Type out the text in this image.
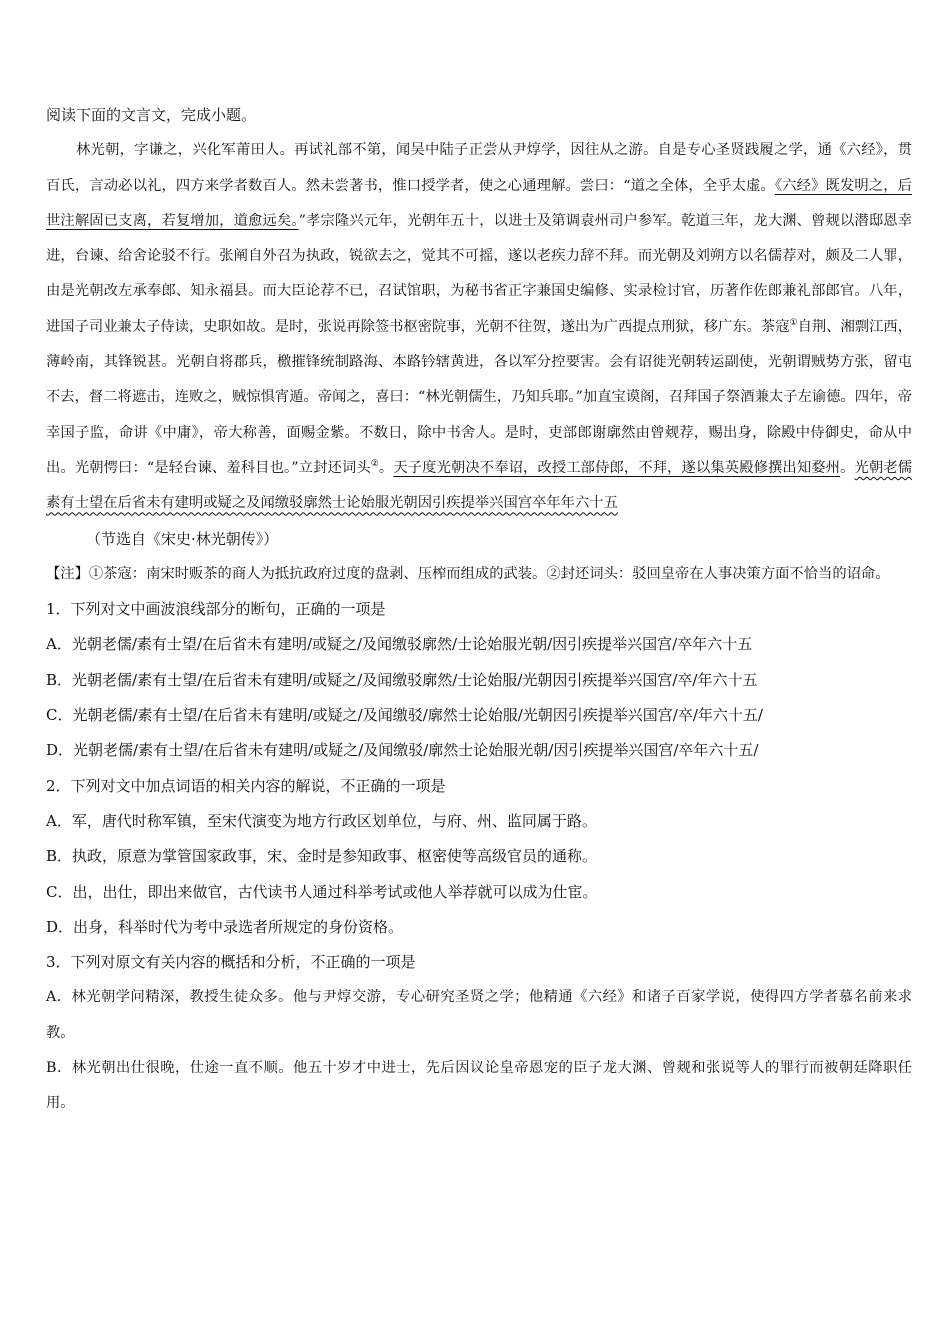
阅读下面的文言文，完成小题。
林光朝，字谦之，兴化军莆田人。再试礼部不第，闻吴中陆子正尝从尹焞学，因往从之游。自是专心圣贤践履之学，通《六经》，贯百氏，言动必以礼，四方来学者数百人。然未尝著书，惟口授学者，使之心通理解。尝曰：“道之全体，全乎太虚。《六经》既发明之，后世注解固已支离，若复增加，道愈远矣。”孝宗隆兴元年，光朝年五十，以进士及第调袁州司户参军。乾道三年，龙大渊、曾觌以潜邸恩幸进，台谏、给舍论驳不行。张阐自外召为执政，锐欲去之，觉其不可摇，遂以老疾力辞不拜。而光朝及刘朔方以名儒荐对，颇及二人罪，由是光朝改左承奉郎、知永福县。而大臣论荐不已，召试馆职，为秘书省正字兼国史编修、实录检讨官，历著作佐郎兼礼部郎官。八年，进国子司业兼太子侍读，史职如故。是时，张说再除签书枢密院事，光朝不往贺，遂出为广西提点刑狱，移广东。茶寇①自荆、湘剽江西，薄岭南，其锋锐甚。光朝自将郡兵，檄摧锋统制路海、本路钤辖黄进，各以军分控要害。会有诏徙光朝转运副使，光朝谓贼势方张，留屯不去，督二将遮击，连败之，贼惊惧宵遁。帝闻之，喜曰：“林光朝儒生，乃知兵耶。”加直宝谟阁，召拜国子祭酒兼太子左谕德。四年，帝幸国子监，命讲《中庸》，帝大称善，面赐金紫。不数日，除中书舍人。是时，吏部郎谢廓然由曾觌荐，赐出身，除殿中侍御史，命从中出。光朝愕曰：“是轻台谏、羞科目也。”立封还词头②。天子度光朝决不奉诏，改授工部侍郎，不拜，遂以集英殿修撰出知婺州。光朝老儒素有士望在后省未有建明或疑之及闻缴驳廓然士论始服光朝因引疾提举兴国宫卒年年六十五
（节选自《宋史·林光朝传》）
【注】①茶寇：南宋时贩茶的商人为抵抗政府过度的盘剥、压榨而组成的武装。②封还词头：驳回皇帝在人事决策方面不恰当的诏命。
1．下列对文中画波浪线部分的断句，正确的一项是
A．光朝老儒/素有士望/在后省未有建明/或疑之/及闻缴驳廓然/士论始服光朝/因引疾提举兴国宫/卒年六十五
B．光朝老儒/素有士望/在后省未有建明/或疑之/及闻缴驳廓然/士论始服/光朝因引疾提举兴国宫/卒/年六十五
C．光朝老儒/素有士望/在后省未有建明/或疑之/及闻缴驳/廓然士论始服/光朝因引疾提举兴国宫/卒/年六十五/
D．光朝老儒/素有士望/在后省未有建明/或疑之/及闻缴驳/廓然士论始服光朝/因引疾提举兴国宫/卒年六十五/
2．下列对文中加点词语的相关内容的解说，不正确的一项是
A．军，唐代时称军镇，至宋代演变为地方行政区划单位，与府、州、监同属于路。
B．执政，原意为掌管国家政事，宋、金时是参知政事、枢密使等高级官员的通称。
C．出，出仕，即出来做官，古代读书人通过科举考试或他人举荐就可以成为仕宦。
D．出身，科举时代为考中录选者所规定的身份资格。
3．下列对原文有关内容的概括和分析，不正确的一项是
A．林光朝学问精深，教授生徒众多。他与尹焞交游，专心研究圣贤之学；他精通《六经》和诸子百家学说，使得四方学者慕名前来求教。
B．林光朝出仕很晚，仕途一直不顺。他五十岁才中进士，先后因议论皇帝恩宠的臣子龙大渊、曾觌和张说等人的罪行而被朝廷降职任用。
